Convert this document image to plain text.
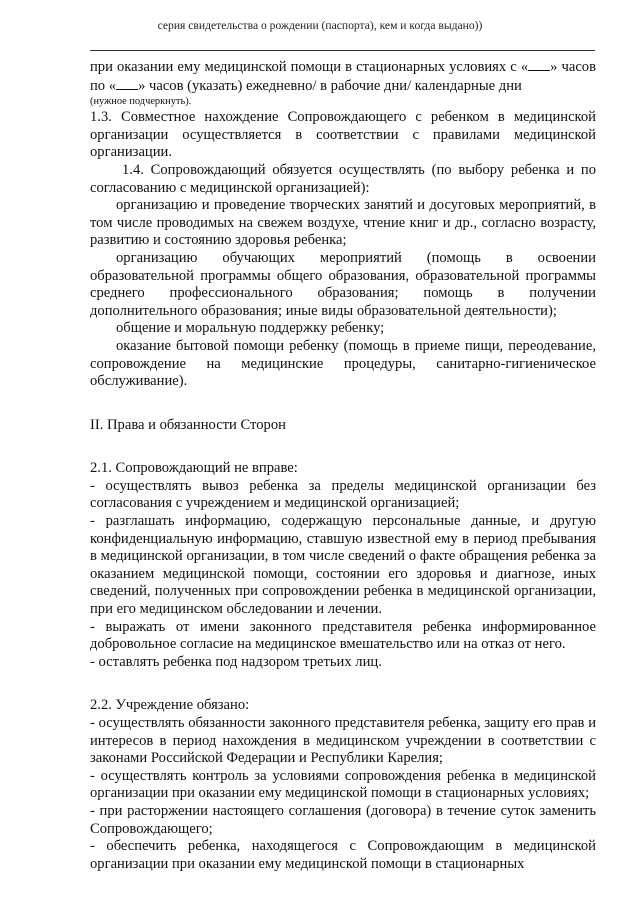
серия свидетельства о рождении (паспорта), кем и когда выдано))

при оказании ему медицинской помощи в стационарных условиях с « » часов по « » часов (указать) ежедневно/ в рабочие дни/ календарные дни

(нужное подчеркнуть).

1.3. Совместное нахождение Сопровождающего с ребенком в медицинской организации осуществляется в соответствии с правилами медицинской организации.

1.4. Сопровождающий обязуется осуществлять (по выбору ребенка и по согласованию с медицинской организацией):

организацию и проведение творческих занятий и досуговых мероприятий, в том числе проводимых на свежем воздухе, чтение книг и др., согласно возрасту, развитию и состоянию здоровья ребенка;

организацию обучающих мероприятий (помощь в освоении образовательной программы общего образования, образовательной программы среднего профессионального образования; помощь в получении дополнительного образования; иные виды образовательной деятельности);

общение и моральную поддержку ребенку;

оказание бытовой помощи ребенку (помощь в приеме пищи, переодевание, сопровождение на медицинские процедуры, санитарно-гигиеническое обслуживание).

II. Права и обязанности Сторон

2.1. Сопровождающий не вправе:

- осуществлять вывоз ребенка за пределы медицинской организации без согласования с учреждением и медицинской организацией;

- разглашать информацию, содержащую персональные данные, и другую конфиденциальную информацию, ставшую известной ему в период пребывания в медицинской организации, в том числе сведений о факте обращения ребенка за оказанием медицинской помощи, состоянии его здоровья и диагнозе, иных сведений, полученных при сопровождении ребенка в медицинской организации, при его медицинском обследовании и лечении.

- выражать от имени законного представителя ребенка информированное добровольное согласие на медицинское вмешательство или на отказ от него.

- оставлять ребенка под надзором третьих лиц.

2.2. Учреждение обязано:

- осуществлять обязанности законного представителя ребенка, защиту его прав и интересов в период нахождения в медицинском учреждении в соответствии с законами Российской Федерации и Республики Карелия;

- осуществлять контроль за условиями сопровождения ребенка в медицинской организации при оказании ему медицинской помощи в стационарных условиях;

- при расторжении настоящего соглашения (договора) в течение суток заменить Сопровождающего;

- обеспечить ребенка, находящегося с Сопровождающим в медицинской организации при оказании ему медицинской помощи в стационарных
